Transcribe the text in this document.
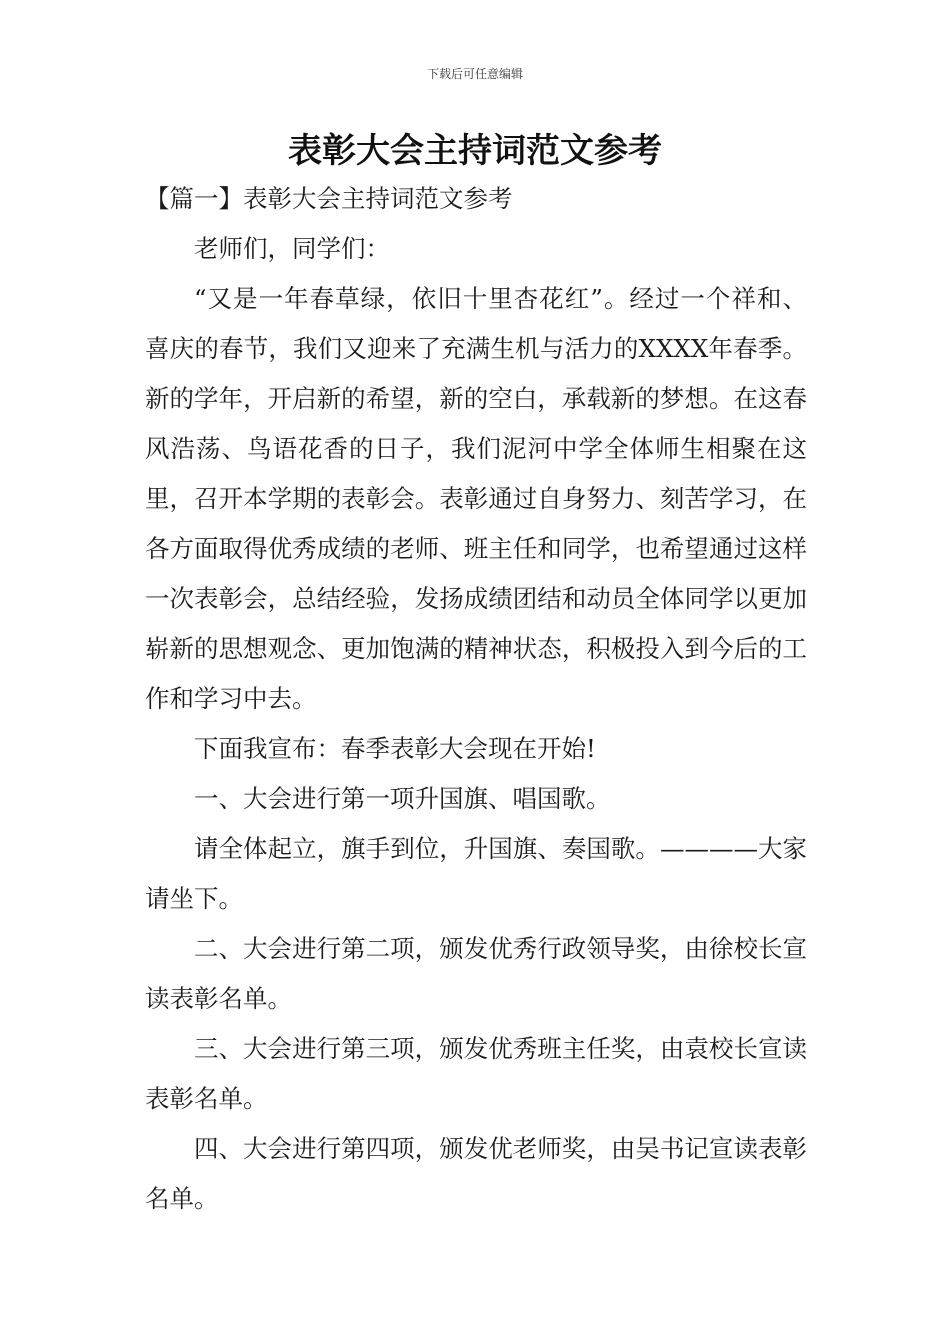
下载后可任意编辑
表彰大会主持词范文参考

【篇一】表彰大会主持词范文参考

老师们，同学们：

“又是一年春草绿，依旧十里杏花红”。经过一个祥和、喜庆的春节，我们又迎来了充满生机与活力的XXXX年春季。新的学年，开启新的希望，新的空白，承载新的梦想。在这春风浩荡、鸟语花香的日子，我们泥河中学全体师生相聚在这里，召开本学期的表彰会。表彰通过自身努力、刻苦学习，在各方面取得优秀成绩的老师、班主任和同学，也希望通过这样一次表彰会，总结经验，发扬成绩团结和动员全体同学以更加崭新的思想观念、更加饱满的精神状态，积极投入到今后的工作和学习中去。

下面我宣布：春季表彰大会现在开始!

一、大会进行第一项升国旗、唱国歌。

请全体起立，旗手到位，升国旗、奏国歌。————大家请坐下。

二、大会进行第二项，颁发优秀行政领导奖，由徐校长宣读表彰名单。

三、大会进行第三项，颁发优秀班主任奖，由袁校长宣读表彰名单。

四、大会进行第四项，颁发优老师奖，由吴书记宣读表彰名单。
